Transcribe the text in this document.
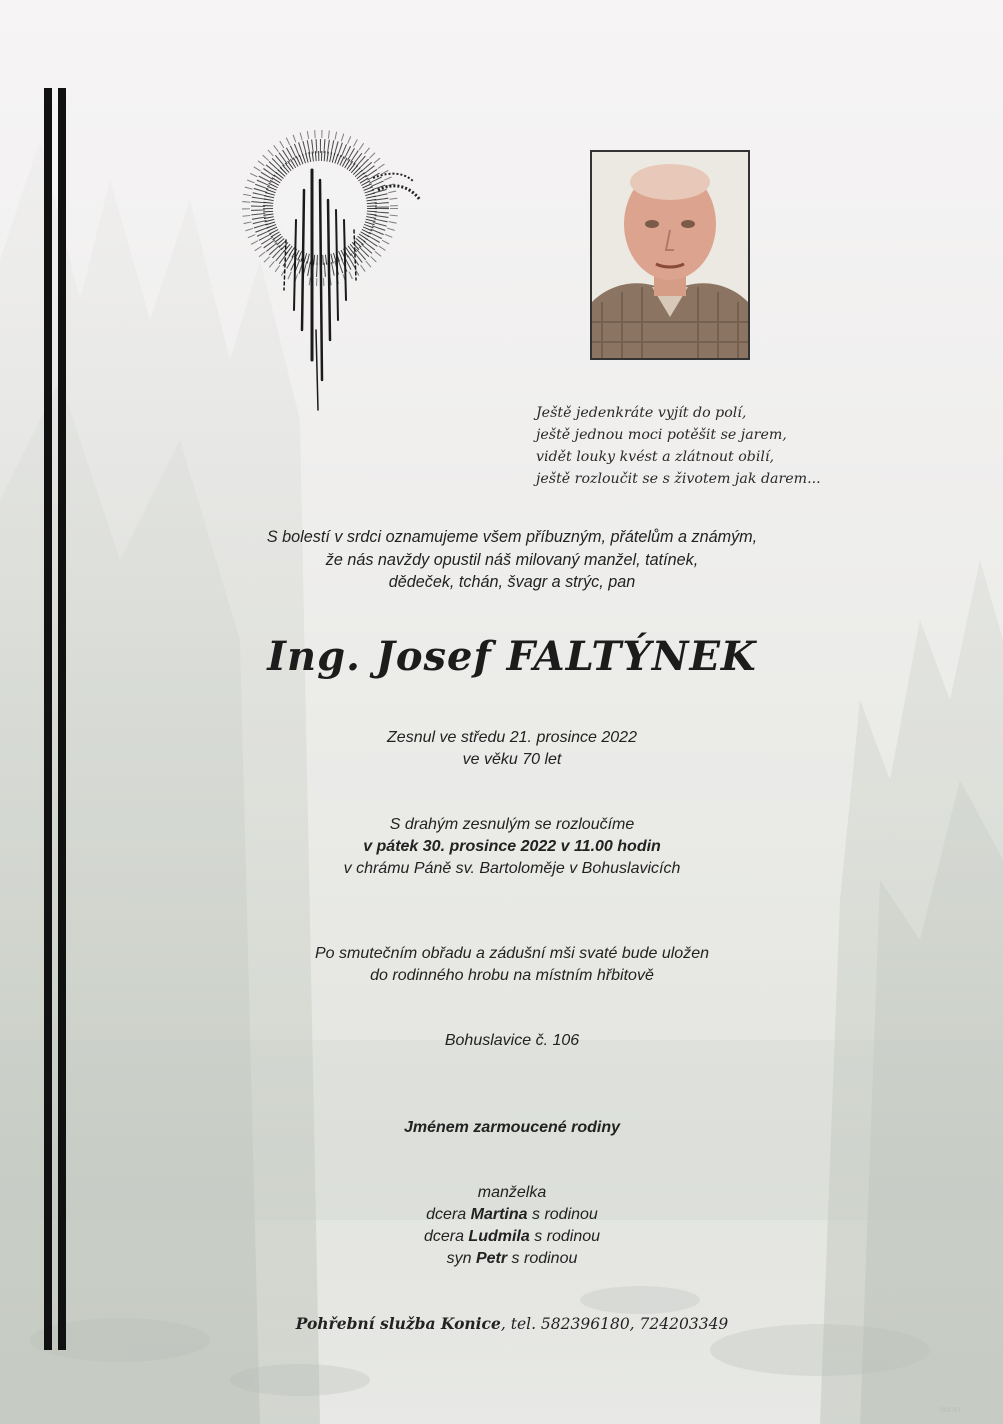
Ještě jedenkráte vyjít do polí,
ještě jednou moci potěšit se jarem,
vidět louky kvést a zlátnout obilí,
ještě rozloučit se s životem jak darem...
S bolestí v srdci oznamujeme všem příbuzným, přátelům a známým,
že nás navždy opustil náš milovaný manžel, tatínek,
dědeček, tchán, švagr a strýc, pan
Ing. Josef FALTÝNEK
Zesnul ve středu 21. prosince 2022
ve věku 70 let
S drahým zesnulým se rozloučíme
v pátek 30. prosince 2022 v 11.00 hodin
v chrámu Páně sv. Bartoloměje v Bohuslavicích
Po smutečním obřadu a zádušní mši svaté bude uložen
do rodinného hrobu na místním hřbitově
Bohuslavice č. 106
Jménem zarmoucené rodiny
manželka
dcera Martina s rodinou
dcera Ludmila s rodinou
syn Petr s rodinou
Pohřební služba Konice, tel. 582396180, 724203349
©MCST
